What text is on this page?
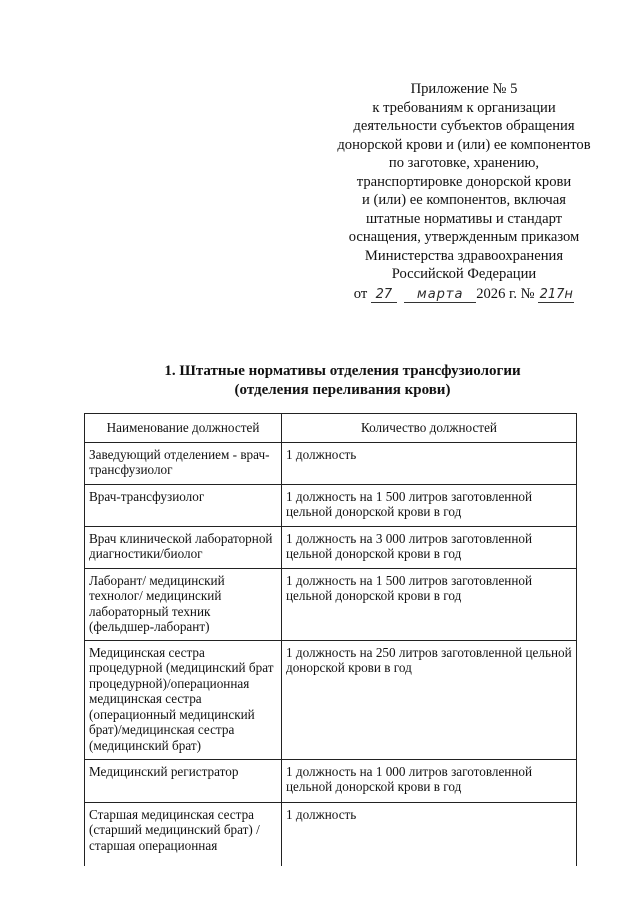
Приложение № 5
к требованиям к организации
деятельности субъектов обращения
донорской крови и (или) ее компонентов
по заготовке, хранению,
транспортировке донорской крови
и (или) ее компонентов, включая
штатные нормативы и стандарт
оснащения, утвержденным приказом
Министерства здравоохранения
Российской Федерации
от 27 марта 2026 г. № 217н
1. Штатные нормативы отделения трансфузиологии
(отделения переливания крови)
Наименование должностей	Количество должностей
Заведующий отделением - врач-трансфузиолог	1 должность
Врач-трансфузиолог	1 должность на 1 500 литров заготовленной цельной донорской крови в год
Врач клинической лабораторной диагностики/биолог	1 должность на 3 000 литров заготовленной цельной донорской крови в год
Лаборант/ медицинский технолог/ медицинский лабораторный техник (фельдшер-лаборант)	1 должность на 1 500 литров заготовленной цельной донорской крови в год
Медицинская сестра процедурной (медицинский брат процедурной)/операционная медицинская сестра (операционный медицинский брат)/медицинская сестра (медицинский брат)	1 должность на 250 литров заготовленной цельной донорской крови в год
Медицинский регистратор	1 должность на 1 000 литров заготовленной цельной донорской крови в год
Старшая медицинская сестра (старший медицинский брат) /старшая операционная	1 должность
